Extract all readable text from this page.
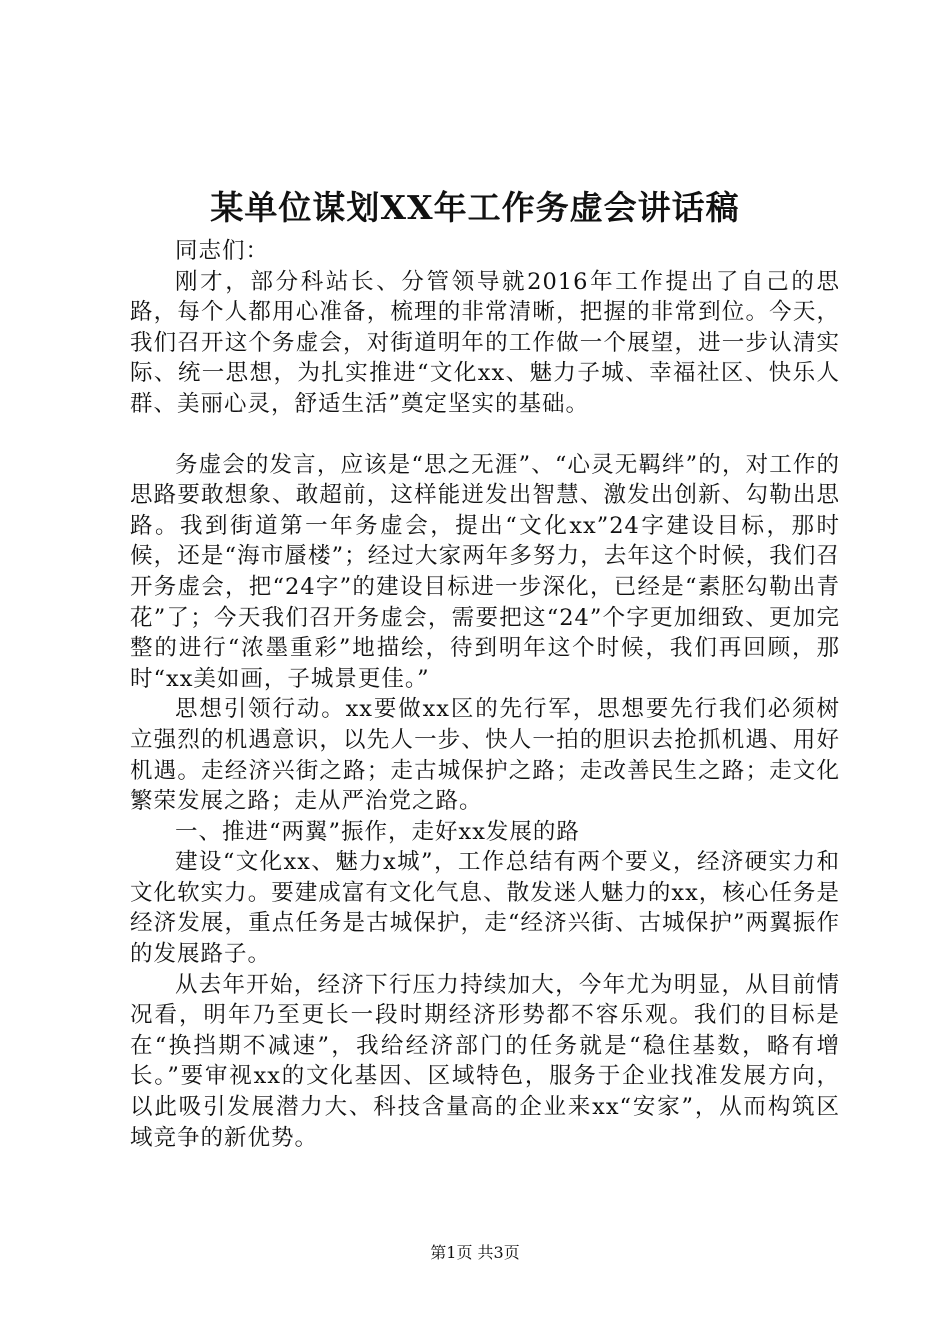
某单位谋划XX年工作务虚会讲话稿

同志们：

刚才，部分科站长、分管领导就2016年工作提出了自己的思路，每个人都用心准备，梳理的非常清晰，把握的非常到位。今天，我们召开这个务虚会，对街道明年的工作做一个展望，进一步认清实际、统一思想，为扎实推进“文化xx、魅力子城、幸福社区、快乐人群、美丽心灵，舒适生活”奠定坚实的基础。

务虚会的发言，应该是“思之无涯”、“心灵无羁绊”的，对工作的思路要敢想象、敢超前，这样能迸发出智慧、激发出创新、勾勒出思路。我到街道第一年务虚会，提出“文化xx”24字建设目标，那时候，还是“海市蜃楼”；经过大家两年多努力，去年这个时候，我们召开务虚会，把“24字”的建设目标进一步深化，已经是“素胚勾勒出青花”了；今天我们召开务虚会，需要把这“24”个字更加细致、更加完整的进行“浓墨重彩”地描绘，待到明年这个时候，我们再回顾，那时“xx美如画，子城景更佳。”

思想引领行动。xx要做xx区的先行军，思想要先行我们必须树立强烈的机遇意识，以先人一步、快人一拍的胆识去抢抓机遇、用好机遇。走经济兴街之路；走古城保护之路；走改善民生之路；走文化繁荣发展之路；走从严治党之路。

一、推进“两翼”振作，走好xx发展的路

建设“文化xx、魅力x城”，工作总结有两个要义，经济硬实力和文化软实力。要建成富有文化气息、散发迷人魅力的xx，核心任务是经济发展，重点任务是古城保护，走“经济兴街、古城保护”两翼振作的发展路子。

从去年开始，经济下行压力持续加大，今年尤为明显，从目前情况看，明年乃至更长一段时期经济形势都不容乐观。我们的目标是在“换挡期不减速”，我给经济部门的任务就是“稳住基数，略有增长。”要审视xx的文化基因、区域特色，服务于企业找准发展方向，以此吸引发展潜力大、科技含量高的企业来xx“安家”，从而构筑区域竞争的新优势。

第1页 共3页
